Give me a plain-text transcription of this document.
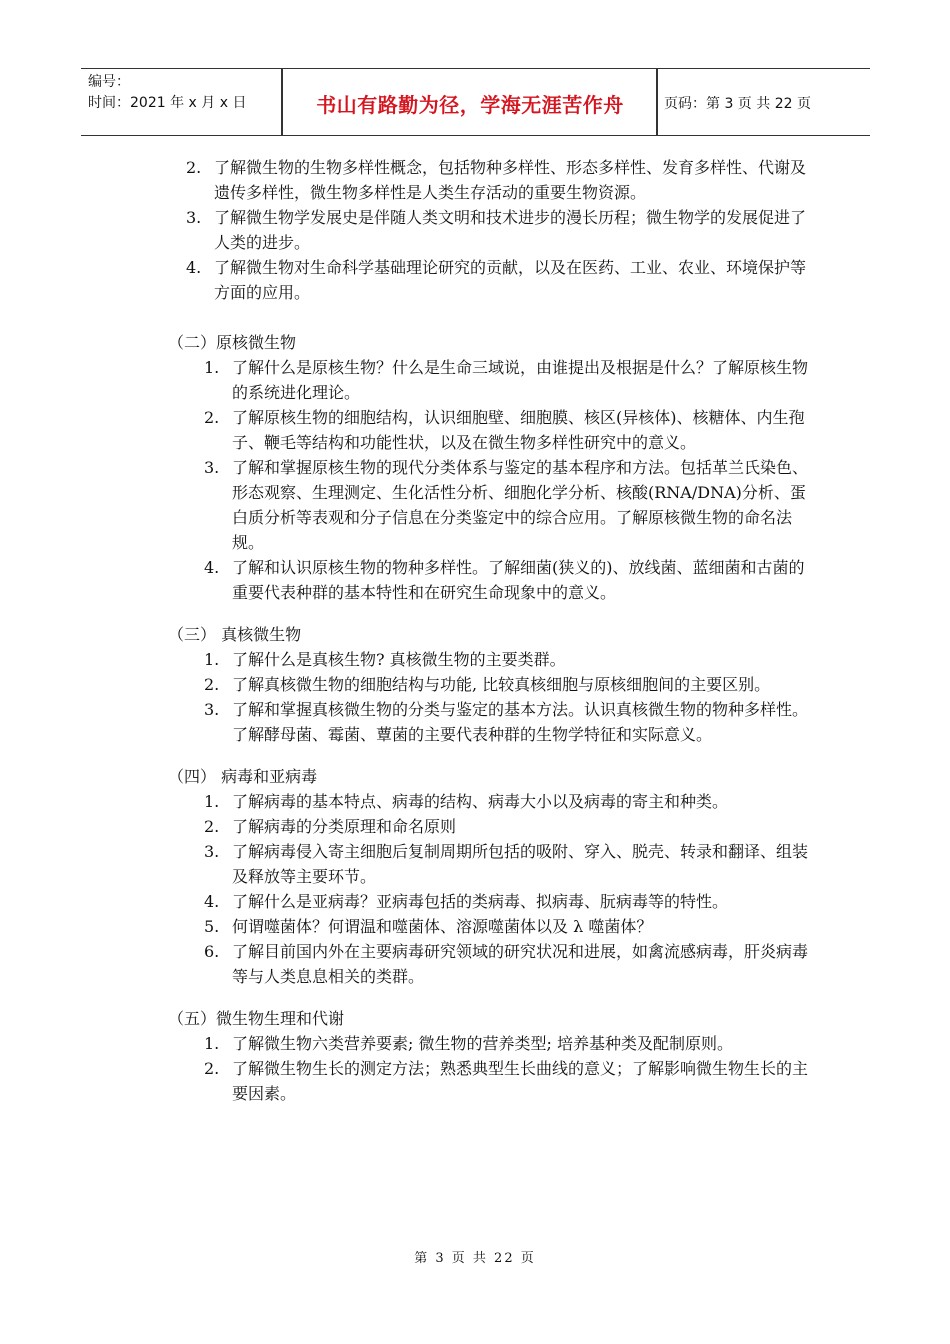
编号：
时间：2021 年 x 月 x 日	书山有路勤为径，学海无涯苦作舟	页码：第 3 页 共 22 页
2. 了解微生物的生物多样性概念，包括物种多样性、形态多样性、发育多样性、代谢及遗传多样性，微生物多样性是人类生存活动的重要生物资源。
3. 了解微生物学发展史是伴随人类文明和技术进步的漫长历程；微生物学的发展促进了人类的进步。
4. 了解微生物对生命科学基础理论研究的贡献，以及在医药、工业、农业、环境保护等方面的应用。
（二）原核微生物
1. 了解什么是原核生物？什么是生命三域说，由谁提出及根据是什么？了解原核生物的系统进化理论。
2. 了解原核生物的细胞结构，认识细胞壁、细胞膜、核区(异核体)、核糖体、内生孢子、鞭毛等结构和功能性状，以及在微生物多样性研究中的意义。
3. 了解和掌握原核生物的现代分类体系与鉴定的基本程序和方法。包括革兰氏染色、形态观察、生理测定、生化活性分析、细胞化学分析、核酸(RNA/DNA)分析、蛋白质分析等表观和分子信息在分类鉴定中的综合应用。了解原核微生物的命名法规。
4. 了解和认识原核生物的物种多样性。了解细菌(狭义的)、放线菌、蓝细菌和古菌的重要代表种群的基本特性和在研究生命现象中的意义。
（三） 真核微生物
1. 了解什么是真核生物? 真核微生物的主要类群。
2. 了解真核微生物的细胞结构与功能, 比较真核细胞与原核细胞间的主要区别。
3. 了解和掌握真核微生物的分类与鉴定的基本方法。认识真核微生物的物种多样性。了解酵母菌、霉菌、蕈菌的主要代表种群的生物学特征和实际意义。
（四） 病毒和亚病毒
1. 了解病毒的基本特点、病毒的结构、病毒大小以及病毒的寄主和种类。
2. 了解病毒的分类原理和命名原则
3. 了解病毒侵入寄主细胞后复制周期所包括的吸附、穿入、脱壳、转录和翻译、组装及释放等主要环节。
4. 了解什么是亚病毒？亚病毒包括的类病毒、拟病毒、朊病毒等的特性。
5. 何谓噬菌体？何谓温和噬菌体、溶源噬菌体以及 λ 噬菌体？
6. 了解目前国内外在主要病毒研究领域的研究状况和进展，如禽流感病毒，肝炎病毒等与人类息息相关的类群。
（五）微生物生理和代谢
1. 了解微生物六类营养要素; 微生物的营养类型; 培养基种类及配制原则。
2. 了解微生物生长的测定方法；熟悉典型生长曲线的意义；了解影响微生物生长的主要因素。
第 3 页 共 22 页
